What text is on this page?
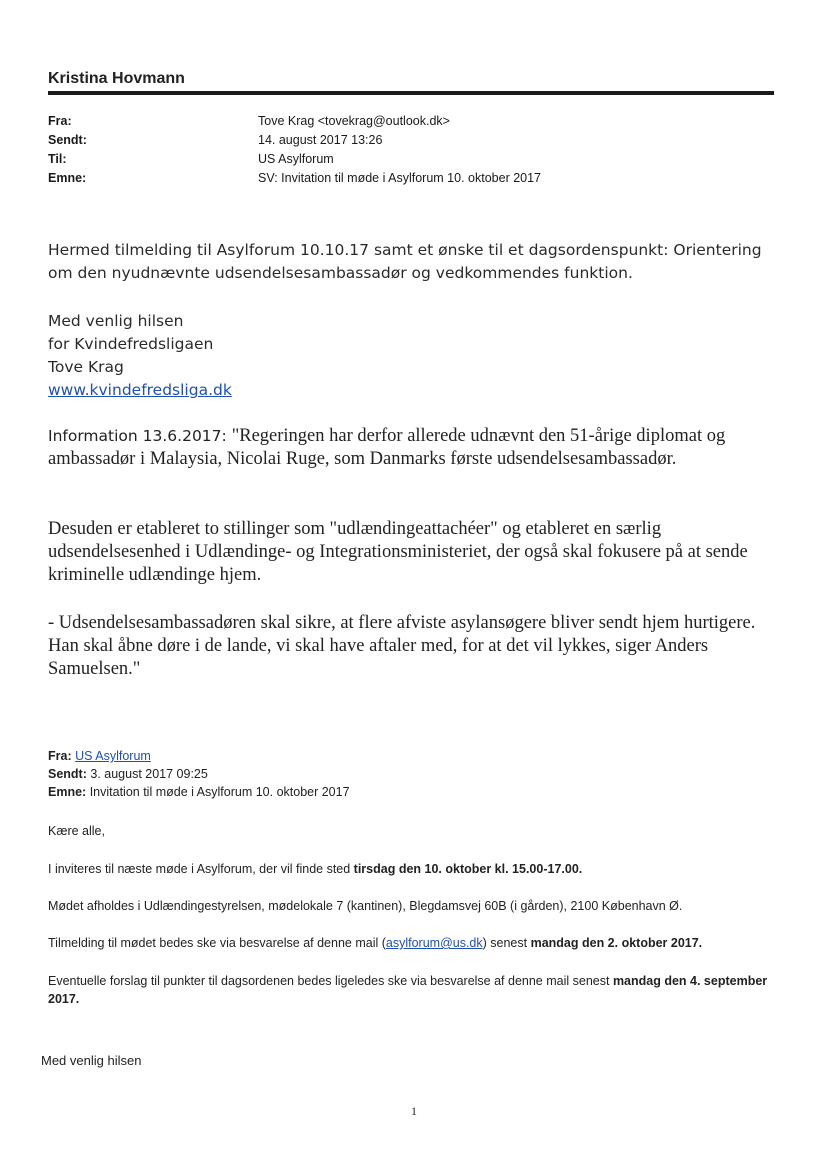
Kristina Hovmann
Fra:	Tove Krag <tovekrag@outlook.dk>
Sendt:	14. august 2017 13:26
Til:	US Asylforum
Emne:	SV: Invitation til møde i Asylforum 10. oktober 2017
Hermed tilmelding til Asylforum 10.10.17 samt et ønske til et dagsordenspunkt: Orientering om den nyudnævnte udsendelsesambassadør og vedkommendes funktion.
Med venlig hilsen
for Kvindefredsligaen
Tove Krag
www.kvindefredsliga.dk
Information 13.6.2017: "Regeringen har derfor allerede udnævnt den 51-årige diplomat og ambassadør i Malaysia, Nicolai Ruge, som Danmarks første udsendelsesambassadør.
Desuden er etableret to stillinger som "udlændingeattachéer" og etableret en særlig udsendelsesenhed i Udlændinge- og Integrationsministeriet, der også skal fokusere på at sende kriminelle udlændinge hjem.
- Udsendelsesambassadøren skal sikre, at flere afviste asylansøgere bliver sendt hjem hurtigere. Han skal åbne døre i de lande, vi skal have aftaler med, for at det vil lykkes, siger Anders Samuelsen."
Fra: US Asylforum
Sendt: 3. august 2017 09:25
Emne: Invitation til møde i Asylforum 10. oktober 2017
Kære alle,
I inviteres til næste møde i Asylforum, der vil finde sted tirsdag den 10. oktober kl. 15.00-17.00.
Mødet afholdes i Udlændingestyrelsen, mødelokale 7 (kantinen), Blegdamsvej 60B (i gården), 2100 København Ø.
Tilmelding til mødet bedes ske via besvarelse af denne mail (asylforum@us.dk) senest mandag den 2. oktober 2017.
Eventuelle forslag til punkter til dagsordenen bedes ligeledes ske via besvarelse af denne mail senest mandag den 4. september 2017.
Med venlig hilsen
1
